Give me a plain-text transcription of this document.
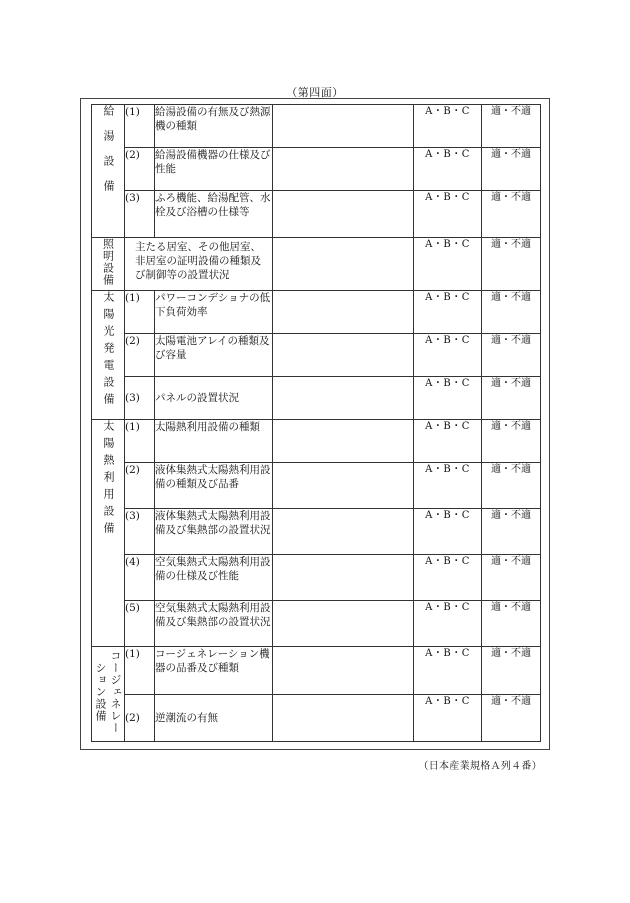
（第四面）
給湯設備	(1)	給湯設備の有無及び熱源機の種類		A・B・C	適・不適
	(2)	給湯設備機器の仕様及び性能		A・B・C	適・不適
	(3)	ふろ機能、給湯配管、水栓及び浴槽の仕様等		A・B・C	適・不適
照明設備	主たる居室、その他居室、非居室の証明設備の種類及び制御等の設置状況			A・B・C	適・不適
太陽光発電設備	(1)	パワーコンデショナの低下負荷効率		A・B・C	適・不適
	(2)	太陽電池アレイの種類及び容量		A・B・C	適・不適
	(3)	パネルの設置状況		A・B・C	適・不適
太陽熱利用設備	(1)	太陽熱利用設備の種類		A・B・C	適・不適
	(2)	液体集熱式太陽熱利用設備の種類及び品番		A・B・C	適・不適
	(3)	液体集熱式太陽熱利用設備及び集熱部の設置状況		A・B・C	適・不適
	(4)	空気集熱式太陽熱利用設備の仕様及び性能		A・B・C	適・不適
	(5)	空気集熱式太陽熱利用設備及び集熱部の設置状況		A・B・C	適・不適
コージェネレーション設備	(1)	コージェネレーション機器の品番及び種類		A・B・C	適・不適
	(2)	逆潮流の有無		A・B・C	適・不適
（日本産業規格Ａ列４番）
